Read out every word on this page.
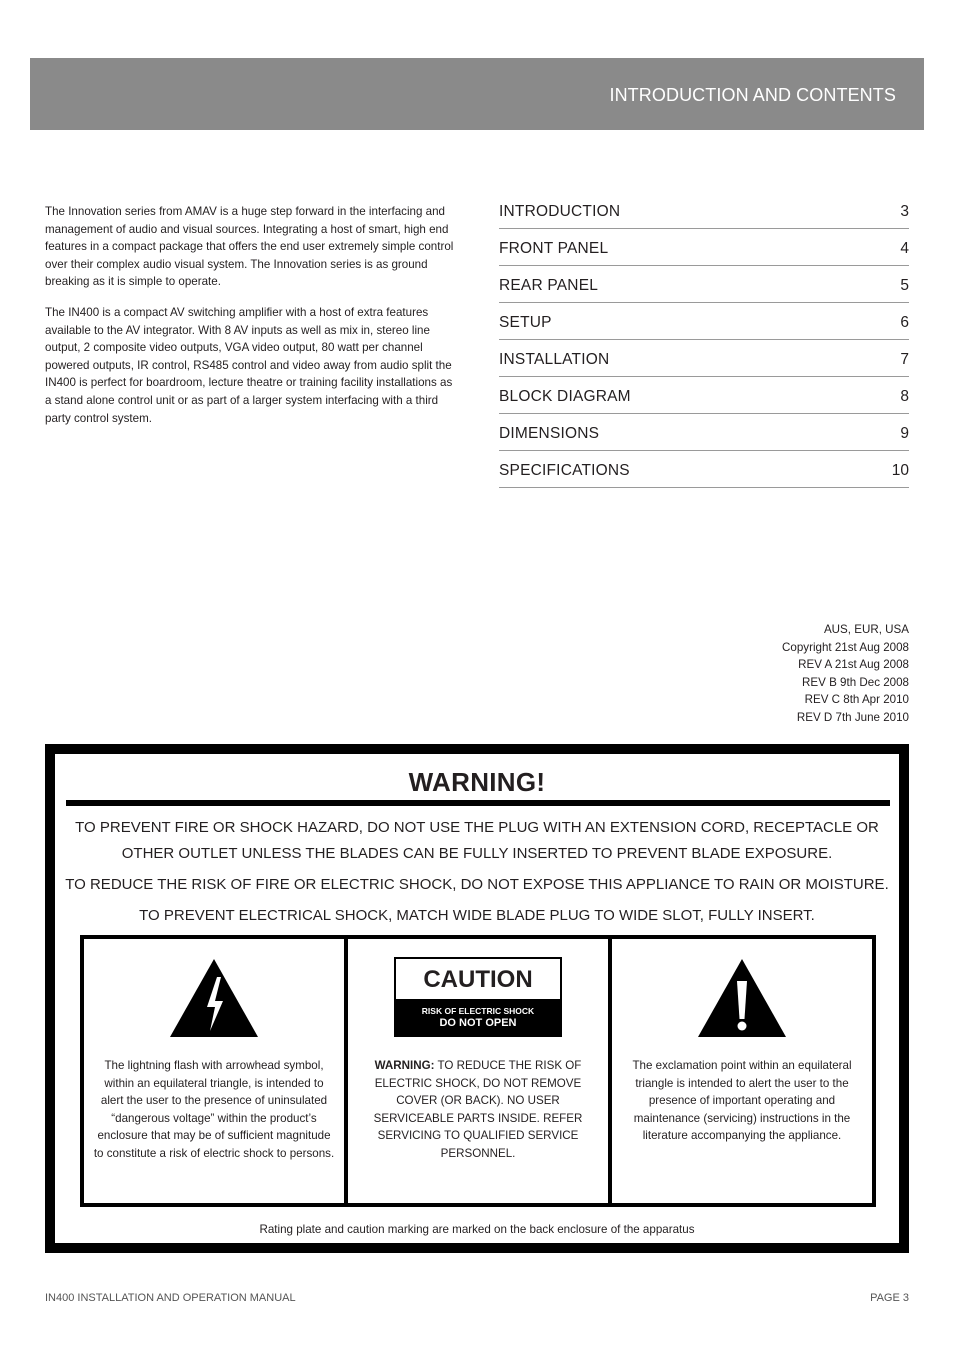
INTRODUCTION AND CONTENTS

The Innovation series from AMAV is a huge step forward in the interfacing and management of audio and visual sources. Integrating a host of smart, high end features in a compact package that offers the end user extremely simple control over their complex audio visual system. The Innovation series is as ground breaking as it is simple to operate.

The IN400 is a compact AV switching amplifier with a host of extra features available to the AV integrator. With 8 AV inputs as well as mix in, stereo line output, 2 composite video outputs, VGA video output, 80 watt per channel powered outputs, IR control, RS485 control and video away from audio split the IN400 is perfect for boardroom, lecture theatre or training facility installations as a stand alone control unit or as part of a larger system interfacing with a third party control system.

INTRODUCTION	3
FRONT PANEL	4
REAR PANEL	5
SETUP	6
INSTALLATION	7
BLOCK DIAGRAM	8
DIMENSIONS	9
SPECIFICATIONS	10
AUS, EUR, USA
Copyright 21st Aug 2008
REV A 21st Aug 2008
REV B 9th Dec 2008
REV C 8th Apr 2010
REV D 7th June 2010
WARNING!

TO PREVENT FIRE OR SHOCK HAZARD, DO NOT USE THE PLUG WITH AN EXTENSION CORD, RECEPTACLE OR OTHER OUTLET UNLESS THE BLADES CAN BE FULLY INSERTED TO PREVENT BLADE EXPOSURE.

TO REDUCE THE RISK OF FIRE OR ELECTRIC SHOCK, DO NOT EXPOSE THIS APPLIANCE TO RAIN OR MOISTURE.

TO PREVENT ELECTRICAL SHOCK, MATCH WIDE BLADE PLUG TO WIDE SLOT, FULLY INSERT.

The lightning flash with arrowhead symbol, within an equilateral triangle, is intended to alert the user to the presence of uninsulated “dangerous voltage” within the product’s enclosure that may be of sufficient magnitude to constitute a risk of electric shock to persons.
CAUTION
RISK OF ELECTRIC SHOCK
DO NOT OPEN
WARNING: TO REDUCE THE RISK OF ELECTRIC SHOCK, DO NOT REMOVE COVER (OR BACK). NO USER SERVICEABLE PARTS INSIDE. REFER SERVICING TO QUALIFIED SERVICE PERSONNEL.
The exclamation point within an equilateral triangle is intended to alert the user to the presence of important operating and maintenance (servicing) instructions in the literature accompanying the appliance.
Rating plate and caution marking are marked on the back enclosure of the apparatus
IN400 INSTALLATION AND OPERATION MANUAL	PAGE 3
